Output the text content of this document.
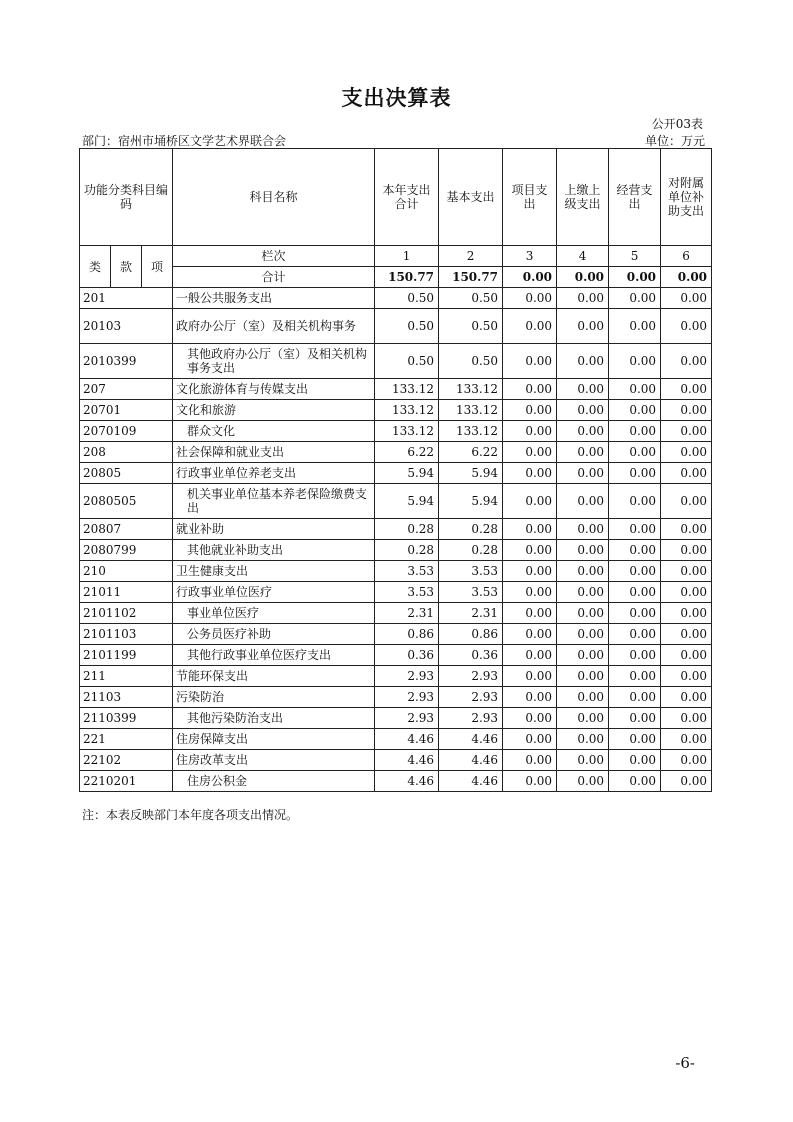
支出决算表
公开03表
部门：宿州市埇桥区文学艺术界联合会	单位：万元
功能分类科目编码			科目名称	本年支出合计	基本支出	项目支出	上缴上级支出	经营支出	对附属单位补助支出
类	款	项	栏次	1	2	3	4	5	6
			合计	150.77	150.77	0.00	0.00	0.00	0.00
201			一般公共服务支出	0.50	0.50	0.00	0.00	0.00	0.00
20103			政府办公厅（室）及相关机构事务	0.50	0.50	0.00	0.00	0.00	0.00
2010399			其他政府办公厅（室）及相关机构事务支出	0.50	0.50	0.00	0.00	0.00	0.00
207			文化旅游体育与传媒支出	133.12	133.12	0.00	0.00	0.00	0.00
20701			文化和旅游	133.12	133.12	0.00	0.00	0.00	0.00
2070109			群众文化	133.12	133.12	0.00	0.00	0.00	0.00
208			社会保障和就业支出	6.22	6.22	0.00	0.00	0.00	0.00
20805			行政事业单位养老支出	5.94	5.94	0.00	0.00	0.00	0.00
2080505			机关事业单位基本养老保险缴费支出	5.94	5.94	0.00	0.00	0.00	0.00
20807			就业补助	0.28	0.28	0.00	0.00	0.00	0.00
2080799			其他就业补助支出	0.28	0.28	0.00	0.00	0.00	0.00
210			卫生健康支出	3.53	3.53	0.00	0.00	0.00	0.00
21011			行政事业单位医疗	3.53	3.53	0.00	0.00	0.00	0.00
2101102			事业单位医疗	2.31	2.31	0.00	0.00	0.00	0.00
2101103			公务员医疗补助	0.86	0.86	0.00	0.00	0.00	0.00
2101199			其他行政事业单位医疗支出	0.36	0.36	0.00	0.00	0.00	0.00
211			节能环保支出	2.93	2.93	0.00	0.00	0.00	0.00
21103			污染防治	2.93	2.93	0.00	0.00	0.00	0.00
2110399			其他污染防治支出	2.93	2.93	0.00	0.00	0.00	0.00
221			住房保障支出	4.46	4.46	0.00	0.00	0.00	0.00
22102			住房改革支出	4.46	4.46	0.00	0.00	0.00	0.00
2210201			住房公积金	4.46	4.46	0.00	0.00	0.00	0.00
注：本表反映部门本年度各项支出情况。
-6-
